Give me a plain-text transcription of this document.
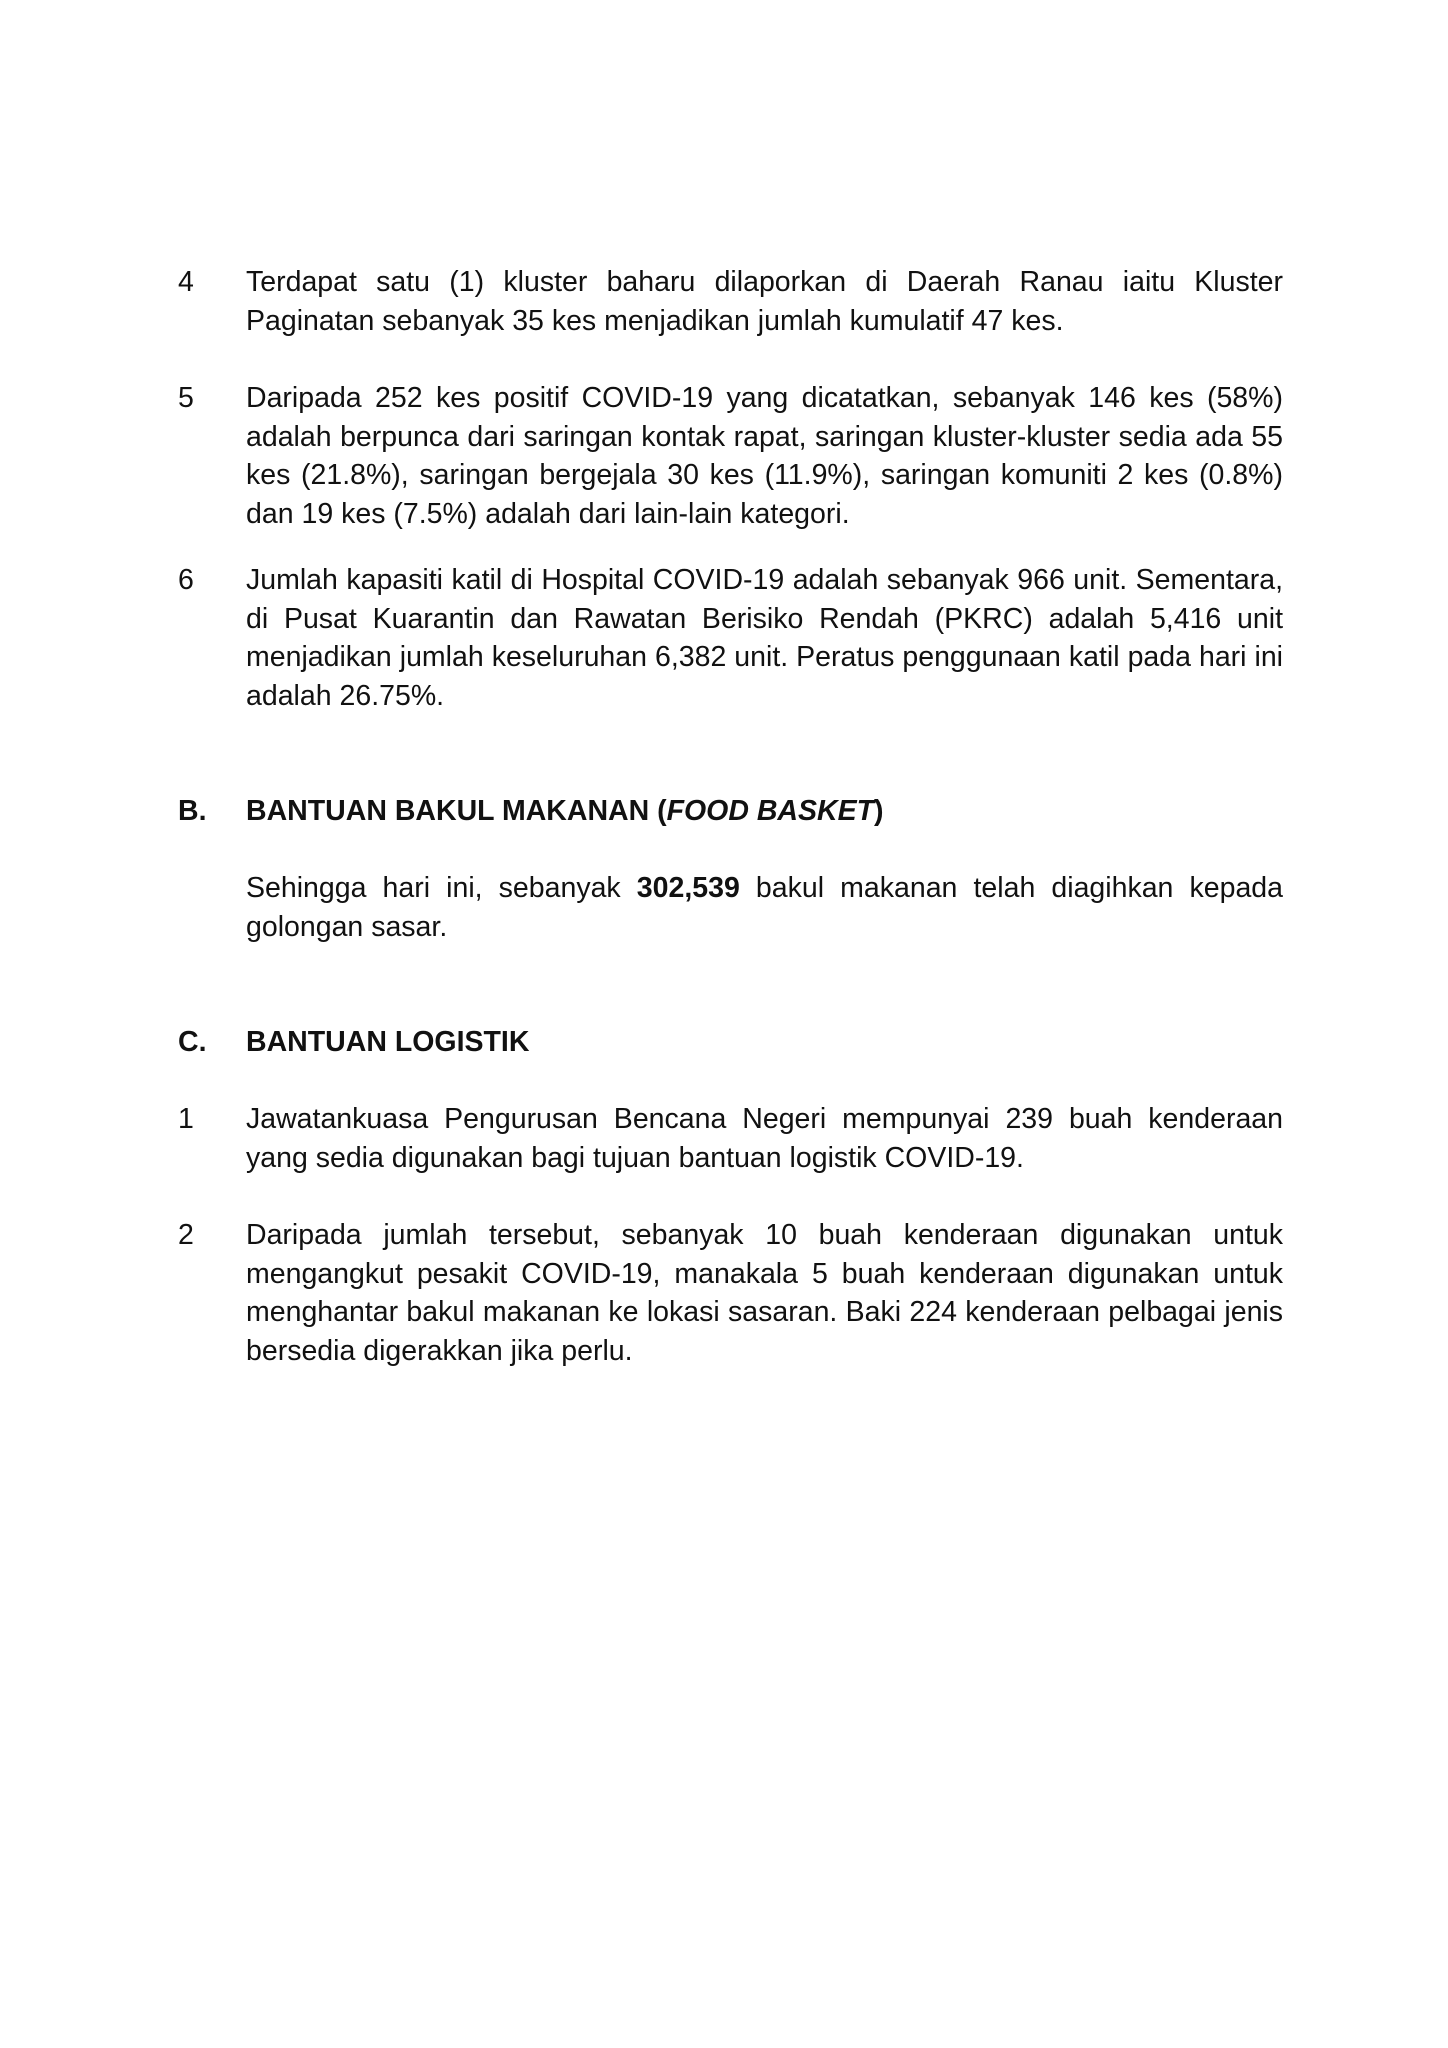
4	Terdapat satu (1) kluster baharu dilaporkan di Daerah Ranau iaitu Kluster Paginatan sebanyak 35 kes menjadikan jumlah kumulatif 47 kes.
5	Daripada 252 kes positif COVID-19 yang dicatatkan, sebanyak 146 kes (58%) adalah berpunca dari saringan kontak rapat, saringan kluster-kluster sedia ada 55 kes (21.8%), saringan bergejala 30 kes (11.9%), saringan komuniti 2 kes (0.8%) dan 19 kes (7.5%) adalah dari lain-lain kategori.
6	Jumlah kapasiti katil di Hospital COVID-19 adalah sebanyak 966 unit. Sementara, di Pusat Kuarantin dan Rawatan Berisiko Rendah (PKRC) adalah 5,416 unit menjadikan jumlah keseluruhan 6,382 unit. Peratus penggunaan katil pada hari ini adalah 26.75%.
B.	BANTUAN BAKUL MAKANAN (FOOD BASKET)
Sehingga hari ini, sebanyak 302,539 bakul makanan telah diagihkan kepada golongan sasar.
C.	BANTUAN LOGISTIK
1	Jawatankuasa Pengurusan Bencana Negeri mempunyai 239 buah kenderaan yang sedia digunakan bagi tujuan bantuan logistik COVID-19.
2	Daripada jumlah tersebut, sebanyak 10 buah kenderaan digunakan untuk mengangkut pesakit COVID-19, manakala 5 buah kenderaan digunakan untuk menghantar bakul makanan ke lokasi sasaran. Baki 224 kenderaan pelbagai jenis bersedia digerakkan jika perlu.
